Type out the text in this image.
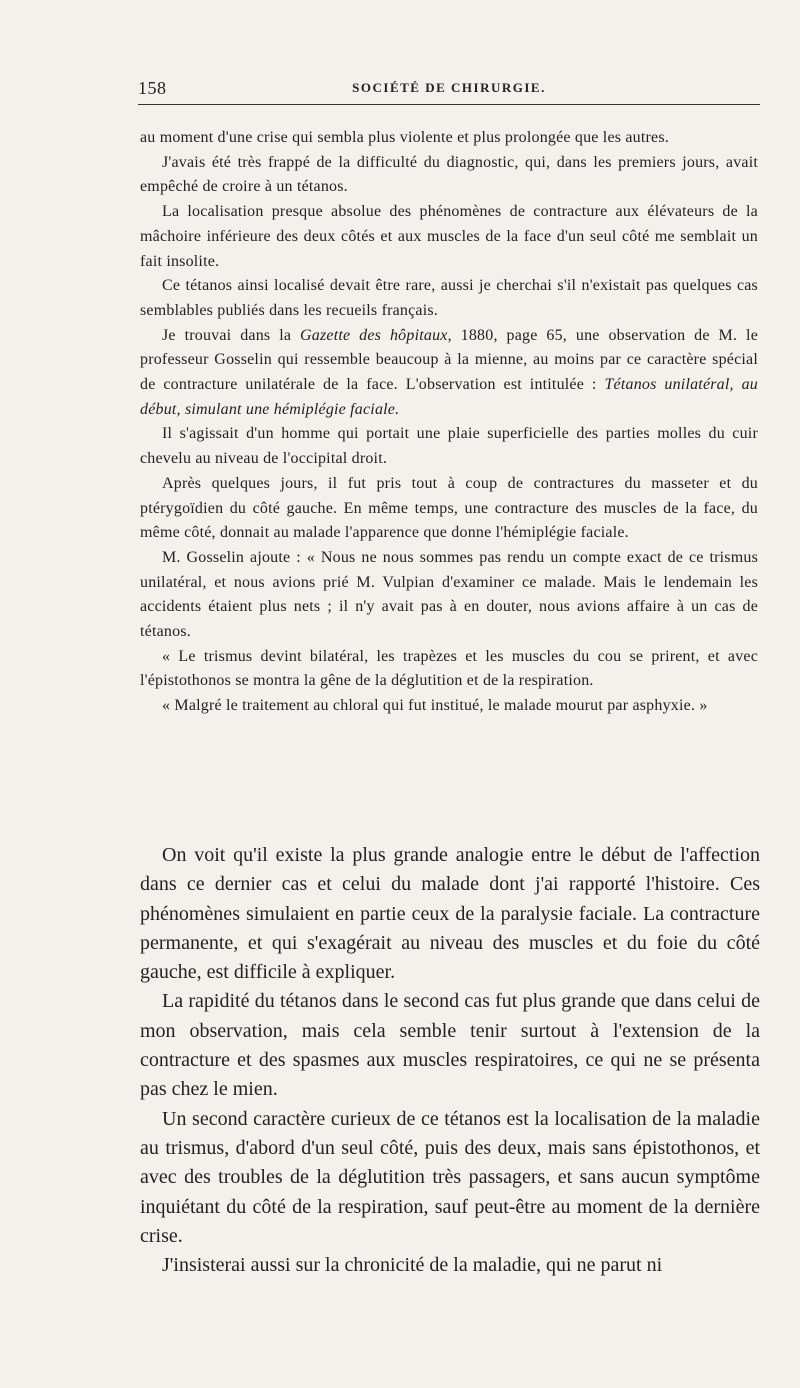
158	SOCIÉTÉ DE CHIRURGIE.

au moment d'une crise qui sembla plus violente et plus prolongée que les autres.

J'avais été très frappé de la difficulté du diagnostic, qui, dans les premiers jours, avait empêché de croire à un tétanos.

La localisation presque absolue des phénomènes de contracture aux élévateurs de la mâchoire inférieure des deux côtés et aux muscles de la face d'un seul côté me semblait un fait insolite.

Ce tétanos ainsi localisé devait être rare, aussi je cherchai s'il n'existait pas quelques cas semblables publiés dans les recueils français.

Je trouvai dans la Gazette des hôpitaux, 1880, page 65, une observation de M. le professeur Gosselin qui ressemble beaucoup à la mienne, au moins par ce caractère spécial de contracture unilatérale de la face. L'observation est intitulée : Tétanos unilatéral, au début, simulant une hémiplégie faciale.

Il s'agissait d'un homme qui portait une plaie superficielle des parties molles du cuir chevelu au niveau de l'occipital droit.

Après quelques jours, il fut pris tout à coup de contractures du masseter et du ptérygoïdien du côté gauche. En même temps, une contracture des muscles de la face, du même côté, donnait au malade l'apparence que donne l'hémiplégie faciale.

M. Gosselin ajoute : « Nous ne nous sommes pas rendu un compte exact de ce trismus unilatéral, et nous avions prié M. Vulpian d'examiner ce malade. Mais le lendemain les accidents étaient plus nets ; il n'y avait pas à en douter, nous avions affaire à un cas de tétanos.

« Le trismus devint bilatéral, les trapèzes et les muscles du cou se prirent, et avec l'épistothonos se montra la gêne de la déglutition et de la respiration.

« Malgré le traitement au chloral qui fut institué, le malade mourut par asphyxie. »

On voit qu'il existe la plus grande analogie entre le début de l'affection dans ce dernier cas et celui du malade dont j'ai rapporté l'histoire. Ces phénomènes simulaient en partie ceux de la paralysie faciale. La contracture permanente, et qui s'exagérait au niveau des muscles et du foie du côté gauche, est difficile à expliquer.

La rapidité du tétanos dans le second cas fut plus grande que dans celui de mon observation, mais cela semble tenir surtout à l'extension de la contracture et des spasmes aux muscles respiratoires, ce qui ne se présenta pas chez le mien.

Un second caractère curieux de ce tétanos est la localisation de la maladie au trismus, d'abord d'un seul côté, puis des deux, mais sans épistothonos, et avec des troubles de la déglutition très passagers, et sans aucun symptôme inquiétant du côté de la respiration, sauf peut-être au moment de la dernière crise.

J'insisterai aussi sur la chronicité de la maladie, qui ne parut ni
